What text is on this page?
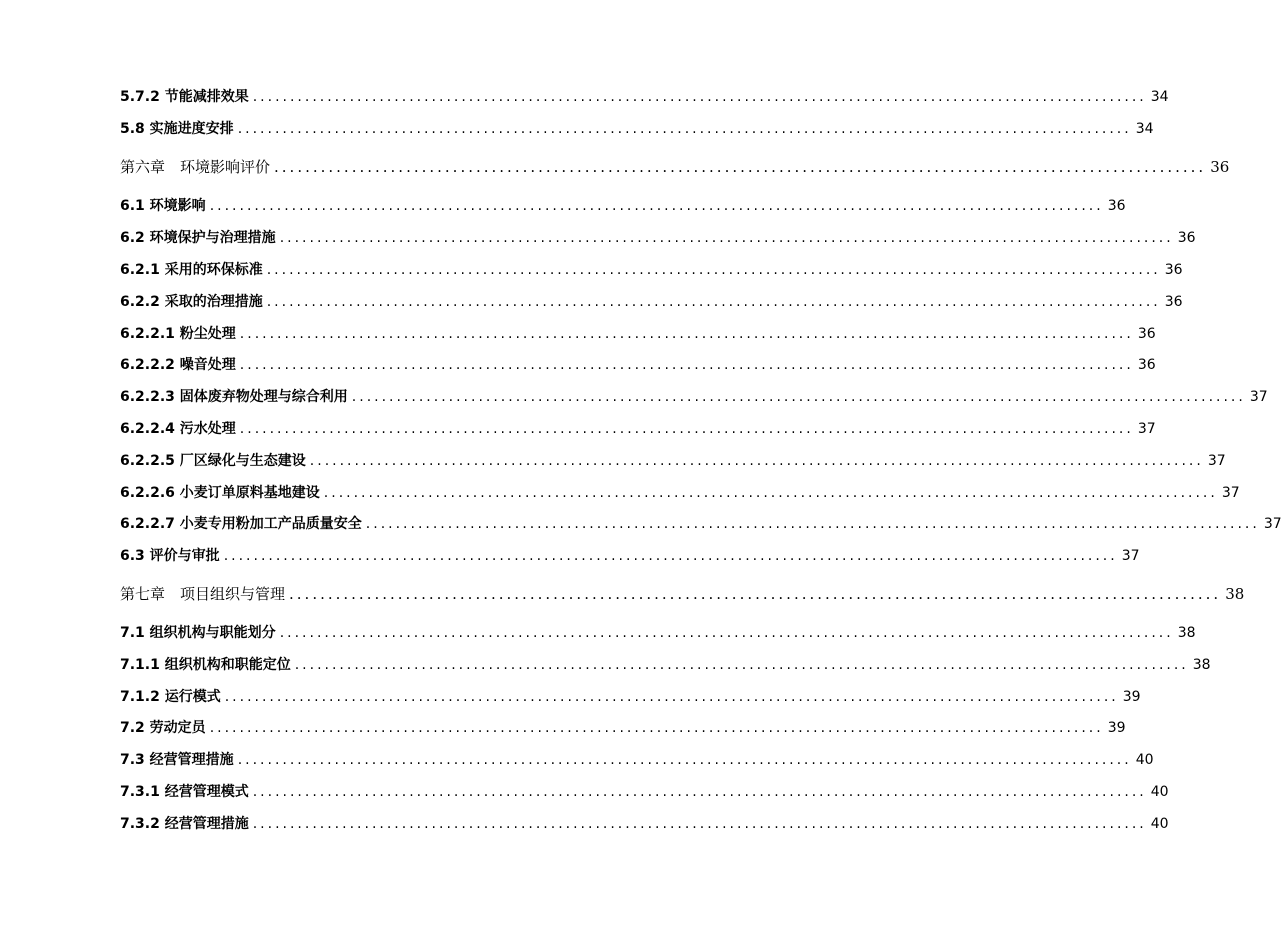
5.7.2 节能减排效果 ........................................................................................................................ 34
5.8 实施进度安排 ........................................................................................................................ 34
第六章　环境影响评价 ........................................................................................................................ 36
6.1 环境影响 ........................................................................................................................ 36
6.2 环境保护与治理措施 ........................................................................................................................ 36
6.2.1 采用的环保标准 ........................................................................................................................ 36
6.2.2 采取的治理措施 ........................................................................................................................ 36
6.2.2.1 粉尘处理 ........................................................................................................................ 36
6.2.2.2 噪音处理 ........................................................................................................................ 36
6.2.2.3 固体废弃物处理与综合利用 ........................................................................................................................ 37
6.2.2.4 污水处理 ........................................................................................................................ 37
6.2.2.5 厂区绿化与生态建设 ........................................................................................................................ 37
6.2.2.6 小麦订单原料基地建设 ........................................................................................................................ 37
6.2.2.7 小麦专用粉加工产品质量安全 ........................................................................................................................ 37
6.3 评价与审批 ........................................................................................................................ 37
第七章　项目组织与管理 ........................................................................................................................ 38
7.1 组织机构与职能划分 ........................................................................................................................ 38
7.1.1 组织机构和职能定位 ........................................................................................................................ 38
7.1.2 运行模式 ........................................................................................................................ 39
7.2 劳动定员 ........................................................................................................................ 39
7.3 经营管理措施 ........................................................................................................................ 40
7.3.1 经营管理模式 ........................................................................................................................ 40
7.3.2 经营管理措施 ........................................................................................................................ 40
